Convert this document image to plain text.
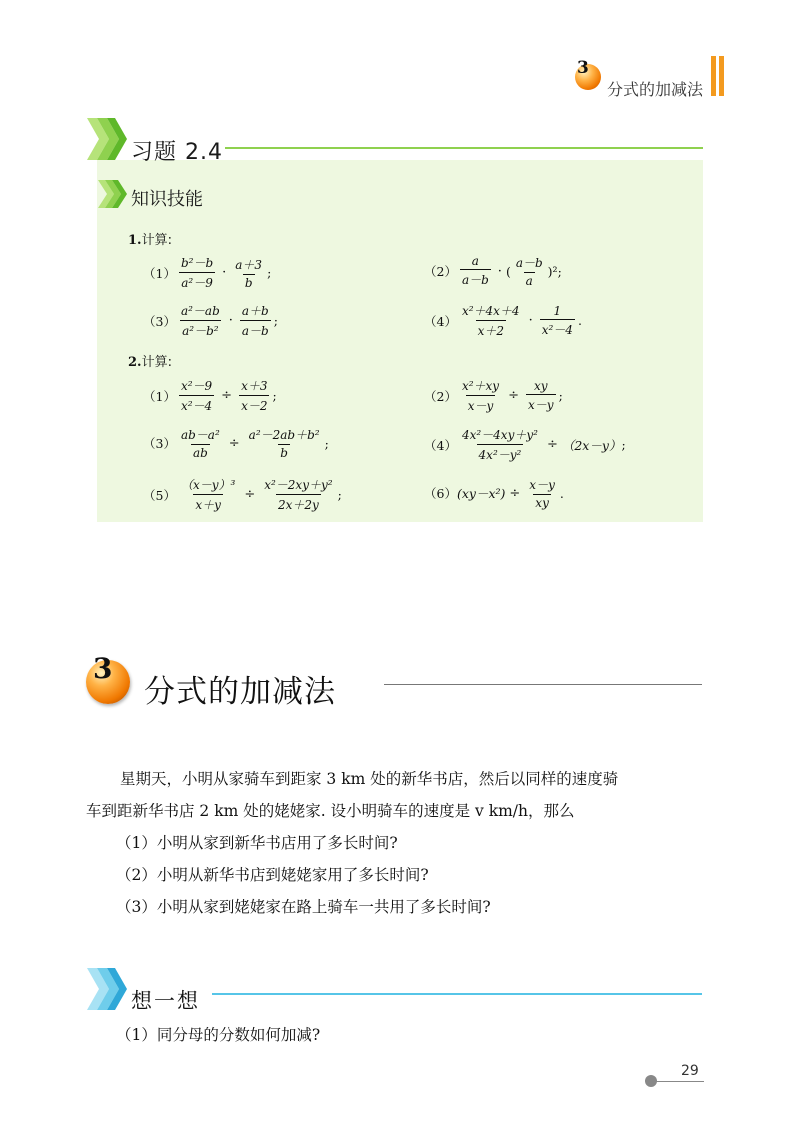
3
分式的加减法
习题 2.4
知识技能
1.计算:
$(1) \frac{\text{b²－b}}{\text{a²－9}} \cdot \frac{a+3}{b}$ ;	$(2) \frac{a}{a-b}$ · ( $\frac{a-b}{a} )^2$ ;
$(3) \frac{\text{a²－ab}}{\text{a²－b²}} \cdot \frac{a+b}{a-b}$ ;	$(4) \frac{\text{x²＋4x＋4}}{x+2} \cdot \frac{1}{\text{x²－4}}$ .
2.计算:
$(1) \frac{\text{x²－9}}{\text{x²－4}} \div \frac{x+3}{x-2}$ ;	$(2) \frac{\text{x²＋xy}}{x-y} \div \frac{xy}{x-y}$ ;
$(3) \frac{\text{ab－a²}}{ab} \div \frac{\text{a²－2ab＋b²}}{b}$ ;	$(4) \frac{\text{4x²－4xy＋y²}}{\text{4x²－y²}} \div (2x-y)$ ;
$(5) \frac{\text{（x－y）³}}{x+y} \div \frac{\text{x²－2xy＋y²}}{2x+2y}$ ;	（6） $(xy-x^2) \div \frac{x-y}{xy}$ .
3
分式的加减法
星期天，小明从家骑车到距家 3 km 处的新华书店，然后以同样的速度骑
车到距新华书店 2 km 处的姥姥家. 设小明骑车的速度是 v km/h，那么
（1）小明从家到新华书店用了多长时间?
（2）小明从新华书店到姥姥家用了多长时间?
（3）小明从家到姥姥家在路上骑车一共用了多长时间?
想一想
（1）同分母的分数如何加减?
29
